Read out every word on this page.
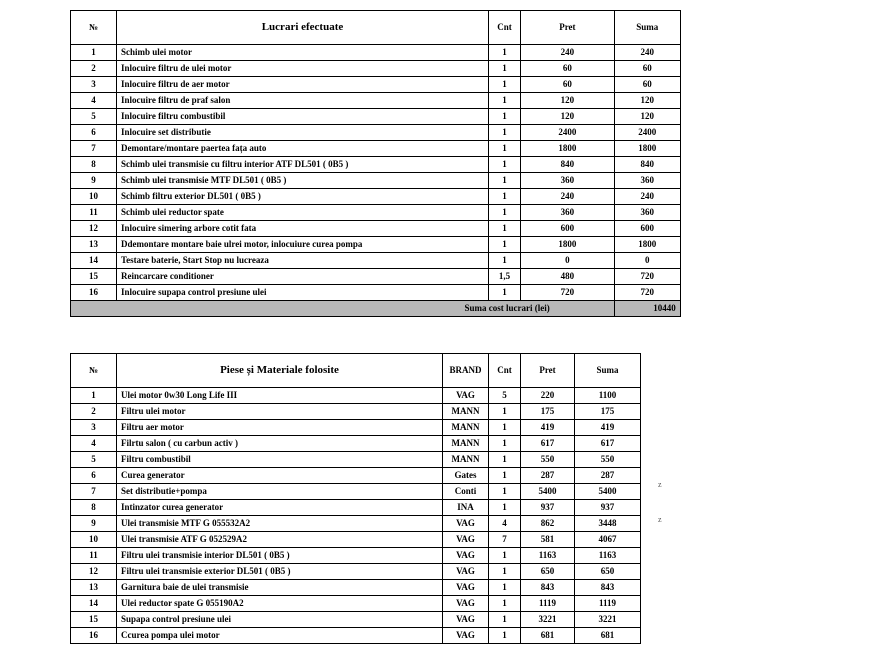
№	Lucrari efectuate	Cnt	Pret	Suma
1	Schimb ulei motor	1	240	240
2	Inlocuire filtru de ulei motor	1	60	60
3	Inlocuire filtru de aer motor	1	60	60
4	Inlocuire filtru de praf salon	1	120	120
5	Inlocuire filtru combustibil	1	120	120
6	Inlocuire set distributie	1	2400	2400
7	Demontare/montare paertea fața auto	1	1800	1800
8	Schimb ulei transmisie cu filtru interior ATF DL501 ( 0B5 )	1	840	840
9	Schimb ulei transmisie MTF DL501 ( 0B5 )	1	360	360
10	Schimb filtru exterior DL501 ( 0B5 )	1	240	240
11	Schimb ulei reductor spate	1	360	360
12	Inlocuire simering arbore cotit fata	1	600	600
13	Ddemontare montare baie ulrei motor, inlocuiure curea pompa	1	1800	1800
14	Testare baterie, Start Stop nu lucreaza	1	0	0
15	Reincarcare conditioner	1,5	480	720
16	Inlocuire supapa control presiune ulei	1	720	720
			Suma cost lucrari (lei)	10440
№	Piese și Materiale folosite	BRAND	Cnt	Pret	Suma
1	Ulei motor 0w30 Long Life III	VAG	5	220	1100
2	Filtru ulei motor	MANN	1	175	175
3	Filtru aer motor	MANN	1	419	419
4	Filrtu salon ( cu carbun activ )	MANN	1	617	617
5	Filtru combustibil	MANN	1	550	550
6	Curea generator	Gates	1	287	287
7	Set distributie+pompa	Conti	1	5400	5400
8	Intinzator curea generator	INA	1	937	937
9	Ulei transmisie MTF G 055532A2	VAG	4	862	3448
10	Ulei transmisie ATF G 052529A2	VAG	7	581	4067
11	Filtru ulei transmisie interior DL501 ( 0B5 )	VAG	1	1163	1163
12	Filtru ulei transmisie exterior DL501 ( 0B5 )	VAG	1	650	650
13	Garnitura baie de ulei transmisie	VAG	1	843	843
14	Ulei reductor spate G 055190A2	VAG	1	1119	1119
15	Supapa control presiune ulei	VAG	1	3221	3221
16	Ccurea pompa ulei motor	VAG	1	681	681
z
z
